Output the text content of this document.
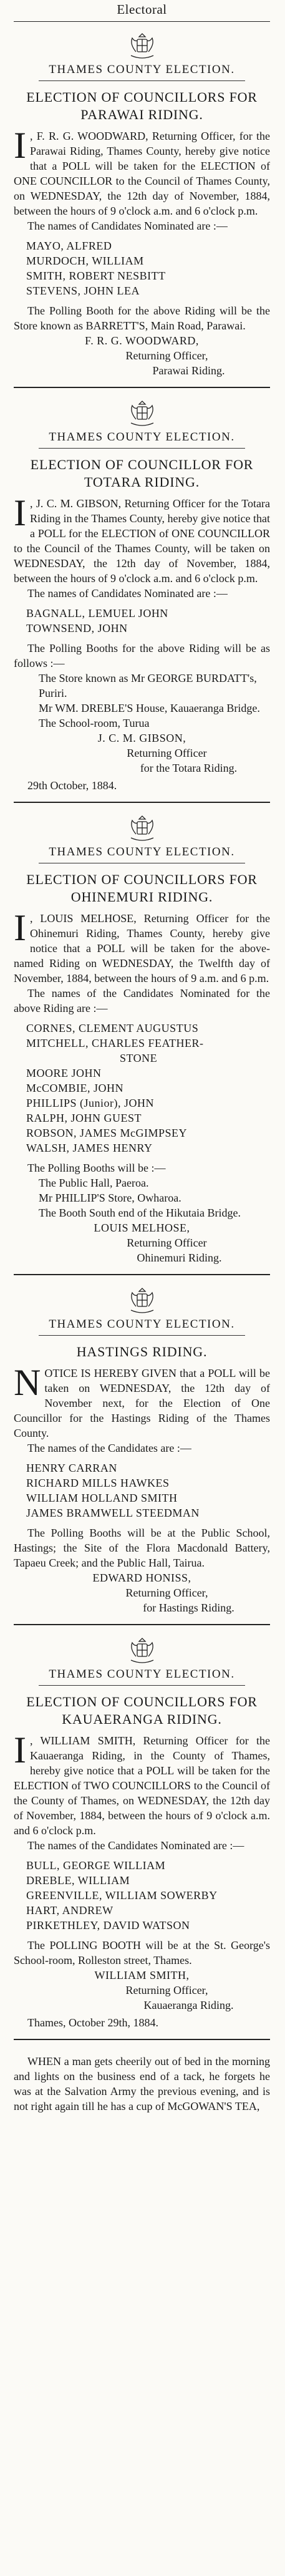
Electoral
THAMES COUNTY ELECTION.
ELECTION OF COUNCILLORS FOR PARAWAI RIDING.

I , F. R. G. WOODWARD, Returning Officer, for the Parawai Riding, Thames County, hereby give notice that a POLL will be taken for the ELECTION of ONE COUNCILLOR to the Council of Thames County, on WEDNESDAY, the 12th day of November, 1884, between the hours of 9 o'clock a.m. and 6 o'clock p.m.

The names of Candidates Nominated are :—

MAYO, ALFRED
MURDOCH, WILLIAM
SMITH, ROBERT NESBITT
STEVENS, JOHN LEA

The Polling Booth for the above Riding will be the Store known as BARRETT'S, Main Road, Parawai.

F. R. G. WOODWARD,
Returning Officer,
Parawai Riding.
THAMES COUNTY ELECTION.
ELECTION OF COUNCILLOR FOR TOTARA RIDING.

I , J. C. M. GIBSON, Returning Officer for the Totara Riding in the Thames County, hereby give notice that a POLL for the ELECTION of ONE COUNCILLOR to the Council of the Thames County, will be taken on WEDNESDAY, the 12th day of November, 1884, between the hours of 9 o'clock a.m. and 6 o'clock p.m.

The names of Candidates Nominated are :—

BAGNALL, LEMUEL JOHN
TOWNSEND, JOHN

The Polling Booths for the above Riding will be as follows :—

The Store known as Mr GEORGE BURDATT's, Puriri.
Mr WM. DREBLE'S House, Kauaeranga Bridge.
The School-room, Turua
J. C. M. GIBSON,
Returning Officer
for the Totara Riding.
29th October, 1884.
THAMES COUNTY ELECTION.
ELECTION OF COUNCILLORS FOR OHINEMURI RIDING.

I , LOUIS MELHOSE, Returning Officer for the Ohinemuri Riding, Thames County, hereby give notice that a POLL will be taken for the above-named Riding on WEDNESDAY, the Twelfth day of November, 1884, between the hours of 9 a.m. and 6 p.m.

The names of the Candidates Nominated for the above Riding are :—

CORNES, CLEMENT AUGUSTUS
MITCHELL, CHARLES FEATHER-
STONE
MOORE JOHN
McCOMBIE, JOHN
PHILLIPS (Junior), JOHN
RALPH, JOHN GUEST
ROBSON, JAMES McGIMPSEY
WALSH, JAMES HENRY

The Polling Booths will be :—

The Public Hall, Paeroa.
Mr PHILLIP'S Store, Owharoa.
The Booth South end of the Hikutaia Bridge.
LOUIS MELHOSE,
Returning Officer
Ohinemuri Riding.
THAMES COUNTY ELECTION.
HASTINGS RIDING.

NOTICE IS HEREBY GIVEN that a POLL will be taken on WEDNESDAY, the 12th day of November next, for the Election of One Councillor for the Hastings Riding of the Thames County.

The names of the Candidates are :—

HENRY CARRAN
RICHARD MILLS HAWKES
WILLIAM HOLLAND SMITH
JAMES BRAMWELL STEEDMAN

The Polling Booths will be at the Public School, Hastings; the Site of the Flora Macdonald Battery, Tapaeu Creek; and the Public Hall, Tairua.

EDWARD HONISS,
Returning Officer,
for Hastings Riding.
THAMES COUNTY ELECTION.
ELECTION OF COUNCILLORS FOR KAUAERANGA RIDING.

I , WILLIAM SMITH, Returning Officer for the Kauaeranga Riding, in the County of Thames, hereby give notice that a POLL will be taken for the ELECTION of TWO COUNCILLORS to the Council of the County of Thames, on WEDNESDAY, the 12th day of November, 1884, between the hours of 9 o'clock a.m. and 6 o'clock p.m.

The names of the Candidates Nominated are :—

BULL, GEORGE WILLIAM
DREBLE, WILLIAM
GREENVILLE, WILLIAM SOWERBY
HART, ANDREW
PIRKETHLEY, DAVID WATSON

The POLLING BOOTH will be at the St. George's School-room, Rolleston street, Thames.

WILLIAM SMITH,
Returning Officer,
Kauaeranga Riding.
Thames, October 29th, 1884.

WHEN a man gets cheerily out of bed in the morning and lights on the business end of a tack, he forgets he was at the Salvation Army the previous evening, and is not right again till he has a cup of McGOWAN'S TEA,
